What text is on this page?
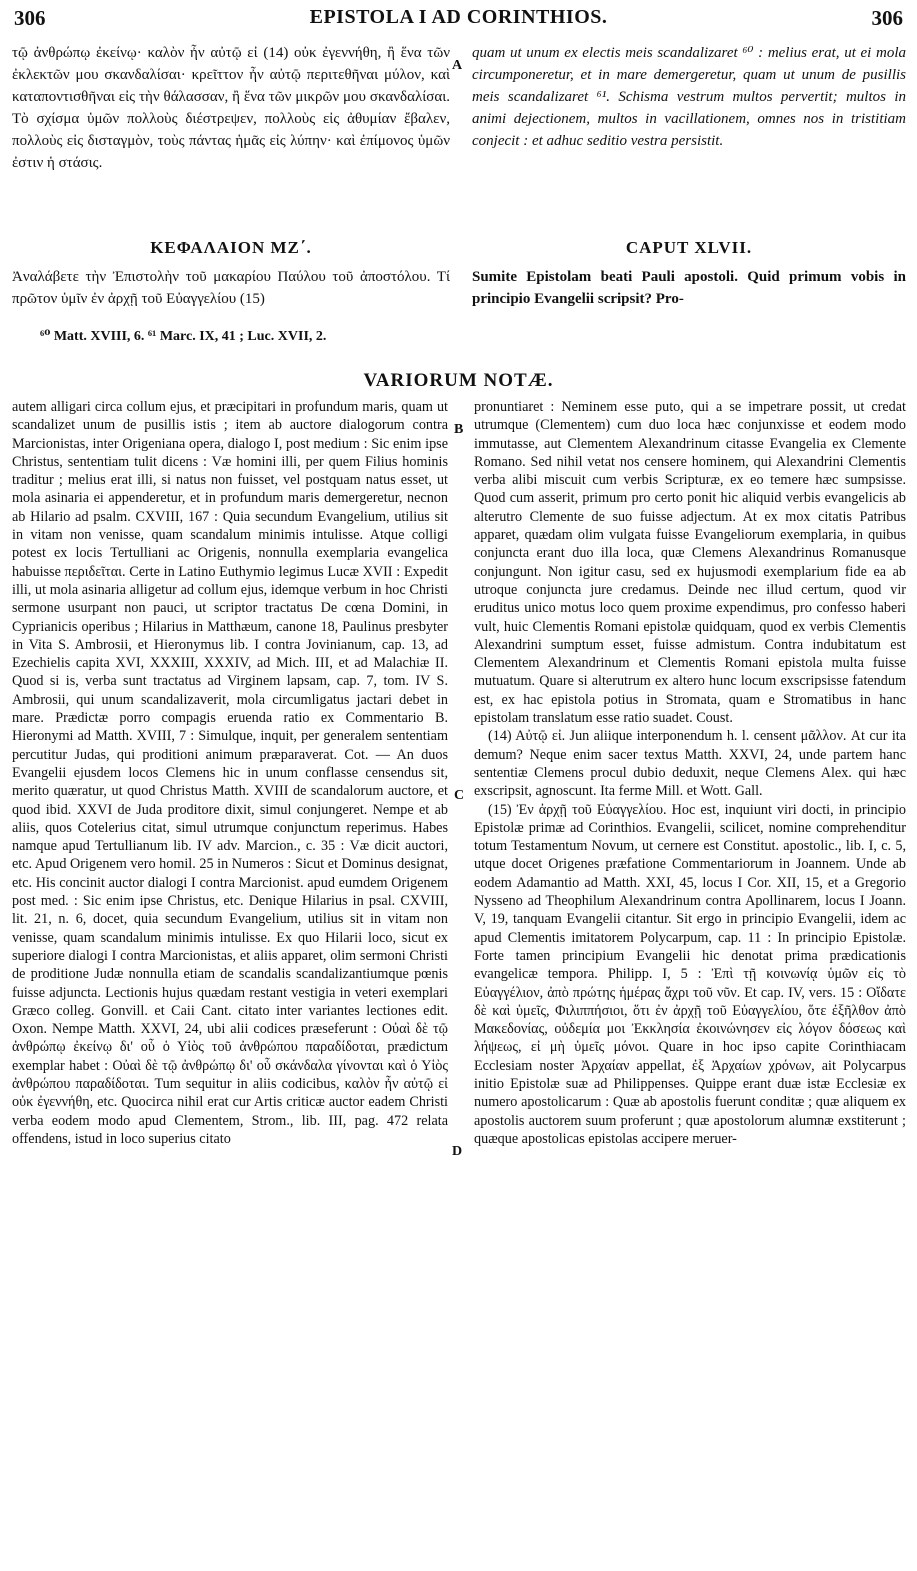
306	EPISTOLA I AD CORINTHIOS.	306

τῷ ἀνθρώπῳ ἐκείνῳ· καλὸν ἦν αὐτῷ εἰ (14) οὐκ ἐγεννήθη, ἢ ἕνα τῶν ἐκλεκτῶν μου σκανδαλίσαι· κρεῖττον ἦν αὐτῷ περιτεθῆναι μύλον, καὶ καταποντισθῆναι εἰς τὴν θάλασσαν, ἢ ἕνα τῶν μικρῶν μου σκανδαλίσαι. Τὸ σχίσμα ὑμῶν πολλοὺς διέστρεψεν, πολλοὺς εἰς ἀθυμίαν ἔβαλεν, πολλοὺς εἰς δισταγμὸν, τοὺς πάντας ἡμᾶς εἰς λύπην· καὶ ἐπίμονος ὑμῶν ἐστιν ἡ στάσις.

quam ut unum ex electis meis scandalizaret ⁶⁰ : melius erat, ut ei mola circumponeretur, et in mare demergeretur, quam ut unum de pusillis meis scandalizaret ⁶¹. Schisma vestrum multos pervertit; multos in animi dejectionem, multos in vacillationem, omnes nos in tristitiam conjecit : et adhuc seditio vestra persistit.

A
ΚΕΦΑΛΑΙΟΝ ΜΖ΄.

Ἀναλάβετε τὴν Ἐπιστολὴν τοῦ μακαρίου Παύλου τοῦ ἀποστόλου. Τί πρῶτον ὑμῖν ἐν ἀρχῇ τοῦ Εὐαγγελίου (15)

CAPUT XLVII.

Sumite Epistolam beati Pauli apostoli. Quid primum vobis in principio Evangelii scripsit? Pro-

⁶⁰ Matt. XVIII, 6. ⁶¹ Marc. IX, 41 ; Luc. XVII, 2.
VARIORUM NOTÆ.
B
C
D

autem alligari circa collum ejus, et præcipitari in profundum maris, quam ut scandalizet unum de pusillis istis ; item ab auctore dialogorum contra Marcionistas, inter Origeniana opera, dialogo I, post medium : Sic enim ipse Christus, sententiam tulit dicens : Væ homini illi, per quem Filius hominis traditur ; melius erat illi, si natus non fuisset, vel postquam natus esset, ut mola asinaria ei appenderetur, et in profundum maris demergeretur, necnon ab Hilario ad psalm. CXVIII, 167 : Quia secundum Evangelium, utilius sit in vitam non venisse, quam scandalum minimis intulisse. Atque colligi potest ex locis Tertulliani ac Origenis, nonnulla exemplaria evangelica habuisse περιδεῖται. Certe in Latino Euthymio legimus Lucæ XVII : Expedit illi, ut mola asinaria alligetur ad collum ejus, idemque verbum in hoc Christi sermone usurpant non pauci, ut scriptor tractatus De cœna Domini, in Cyprianicis operibus ; Hilarius in Matthæum, canone 18, Paulinus presbyter in Vita S. Ambrosii, et Hieronymus lib. I contra Jovinianum, cap. 13, ad Ezechielis capita XVI, XXXIII, XXXIV, ad Mich. III, et ad Malachiæ II. Quod si is, verba sunt tractatus ad Virginem lapsam, cap. 7, tom. IV S. Ambrosii, qui unum scandalizaverit, mola circumligatus jactari debet in mare. Prædictæ porro compagis eruenda ratio ex Commentario B. Hieronymi ad Matth. XVIII, 7 : Simulque, inquit, per generalem sententiam percutitur Judas, qui proditioni animum præparaverat. Cot. — An duos Evangelii ejusdem locos Clemens hic in unum conflasse censendus sit, merito quæratur, ut quod Christus Matth. XVIII de scandalorum auctore, et quod ibid. XXVI de Juda proditore dixit, simul conjungeret. Nempe et ab aliis, quos Cotelerius citat, simul utrumque conjunctum reperimus. Habes namque apud Tertullianum lib. IV adv. Marcion., c. 35 : Væ dicit auctori, etc. Apud Origenem vero homil. 25 in Numeros : Sicut et Dominus designat, etc. His concinit auctor dialogi I contra Marcionist. apud eumdem Origenem post med. : Sic enim ipse Christus, etc. Denique Hilarius in psal. CXVIII, lit. 21, n. 6, docet, quia secundum Evangelium, utilius sit in vitam non venisse, quam scandalum minimis intulisse. Ex quo Hilarii loco, sicut ex superiore dialogi I contra Marcionistas, et aliis apparet, olim sermoni Christi de proditione Judæ nonnulla etiam de scandalis scandalizantiumque pœnis fuisse adjuncta. Lectionis hujus quædam restant vestigia in veteri exemplari Græco colleg. Gonvill. et Caii Cant. citato inter variantes lectiones edit. Oxon. Nempe Matth. XXVI, 24, ubi alii codices præseferunt : Οὐαὶ δὲ τῷ ἀνθρώπῳ ἐκείνῳ δι' οὗ ὁ Υἱὸς τοῦ ἀνθρώπου παραδίδοται, prædictum exemplar habet : Οὐαὶ δὲ τῷ ἀνθρώπῳ δι' οὗ σκάνδαλα γίνονται καὶ ὁ Υἱὸς ἀνθρώπου παραδίδοται. Tum sequitur in aliis codicibus, καλὸν ἦν αὐτῷ εἰ οὐκ ἐγεννήθη, etc. Quocirca nihil erat cur Artis criticæ auctor eadem Christi verba eodem modo apud Clementem, Strom., lib. III, pag. 472 relata offendens, istud in loco superius citato

pronuntiaret : Neminem esse puto, qui a se impetrare possit, ut credat utrumque (Clementem) cum duo loca hæc conjunxisse et eodem modo immutasse, aut Clementem Alexandrinum citasse Evangelia ex Clemente Romano. Sed nihil vetat nos censere hominem, qui Alexandrini Clementis verba alibi miscuit cum verbis Scripturæ, ex eo temere hæc sumpsisse. Quod cum asserit, primum pro certo ponit hic aliquid verbis evangelicis ab alterutro Clemente de suo fuisse adjectum. At ex mox citatis Patribus apparet, quædam olim vulgata fuisse Evangeliorum exemplaria, in quibus conjuncta erant duo illa loca, quæ Clemens Alexandrinus Romanusque conjungunt. Non igitur casu, sed ex hujusmodi exemplarium fide ea ab utroque conjuncta jure credamus. Deinde nec illud certum, quod vir eruditus unico motus loco quem proxime expendimus, pro confesso haberi vult, huic Clementis Romani epistolæ quidquam, quod ex verbis Clementis Alexandrini sumptum esset, fuisse admistum. Contra indubitatum est Clementem Alexandrinum et Clementis Romani epistola multa fuisse mutuatum. Quare si alterutrum ex altero hunc locum exscripsisse fatendum est, ex hac epistola potius in Stromata, quam e Stromatibus in hanc epistolam translatum esse ratio suadet. Coust.

(14) Αὐτῷ εἰ. Jun aliique interponendum h. l. censent μᾶλλον. At cur ita demum? Neque enim sacer textus Matth. XXVI, 24, unde partem hanc sententiæ Clemens procul dubio deduxit, neque Clemens Alex. qui hæc exscripsit, agnoscunt. Ita ferme Mill. et Wott. Gall.

(15) Ἐν ἀρχῇ τοῦ Εὐαγγελίου. Hoc est, inquiunt viri docti, in principio Epistolæ primæ ad Corinthios. Evangelii, scilicet, nomine comprehenditur totum Testamentum Novum, ut cernere est Constitut. apostolic., lib. I, c. 5, utque docet Origenes præfatione Commentariorum in Joannem. Unde ab eodem Adamantio ad Matth. XXI, 45, locus I Cor. XII, 15, et a Gregorio Nysseno ad Theophilum Alexandrinum contra Apollinarem, locus I Joann. V, 19, tanquam Evangelii citantur. Sit ergo in principio Evangelii, idem ac apud Clementis imitatorem Polycarpum, cap. 11 : In principio Epistolæ. Forte tamen principium Evangelii hic denotat prima prædicationis evangelicæ tempora. Philipp. I, 5 : Ἐπὶ τῇ κοινωνίᾳ ὑμῶν εἰς τὸ Εὐαγγέλιον, ἀπὸ πρώτης ἡμέρας ἄχρι τοῦ νῦν. Et cap. IV, vers. 15 : Οἴδατε δὲ καὶ ὑμεῖς, Φιλιππήσιοι, ὅτι ἐν ἀρχῇ τοῦ Εὐαγγελίου, ὅτε ἐξῆλθον ἀπὸ Μακεδονίας, οὐδεμία μοι Ἐκκλησία ἐκοινώνησεν εἰς λόγον δόσεως καὶ λήψεως, εἰ μὴ ὑμεῖς μόνοι. Quare in hoc ipso capite Corinthiacam Ecclesiam noster Ἀρχαίαν appellat, ἐξ Ἀρχαίων χρόνων, ait Polycarpus initio Epistolæ suæ ad Philippenses. Quippe erant duæ istæ Ecclesiæ ex numero apostolicarum : Quæ ab apostolis fuerunt conditæ ; quæ aliquem ex apostolis auctorem suum proferunt ; quæ apostolorum alumnæ exstiterunt ; quæque apostolicas epistolas accipere meruer-
